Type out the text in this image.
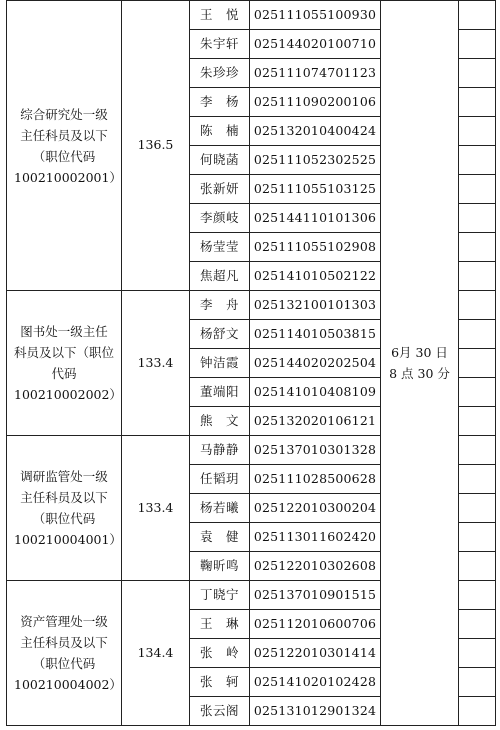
综合研究处一级
主任科员及以下
（职位代码
100210002001）	136.5	王　悦	025111055100930	6月 30 日
8 点 30 分	
		朱宇轩	025144020100710		
		朱珍珍	025111074701123		
		李　杨	025111090200106		
		陈　楠	025132010400424		
		何晓菡	025111052302525		
		张新妍	025111055103125		
		李颜岐	025144110101306		
		杨莹莹	025111055102908		
		焦超凡	025141010502122		
图书处一级主任
科员及以下（职位
代码
100210002002）	133.4	李　舟	025132100101303		
		杨舒文	025114010503815		
		钟洁霞	025144020202504		
		董端阳	025141010408109		
		熊　文	025132020106121		
调研监管处一级
主任科员及以下
（职位代码
100210004001）	133.4	马静静	025137010301328		
		任韬玥	025111028500628		
		杨若曦	025122010300204		
		袁　健	025113011602420		
		鞠昕鸣	025122010302608		
资产管理处一级
主任科员及以下
（职位代码
100210004002）	134.4	丁晓宁	025137010901515		
		王　琳	025112010600706		
		张　岭	025122010301414		
		张　轲	025141020102428		
		张云阁	025131012901324		
